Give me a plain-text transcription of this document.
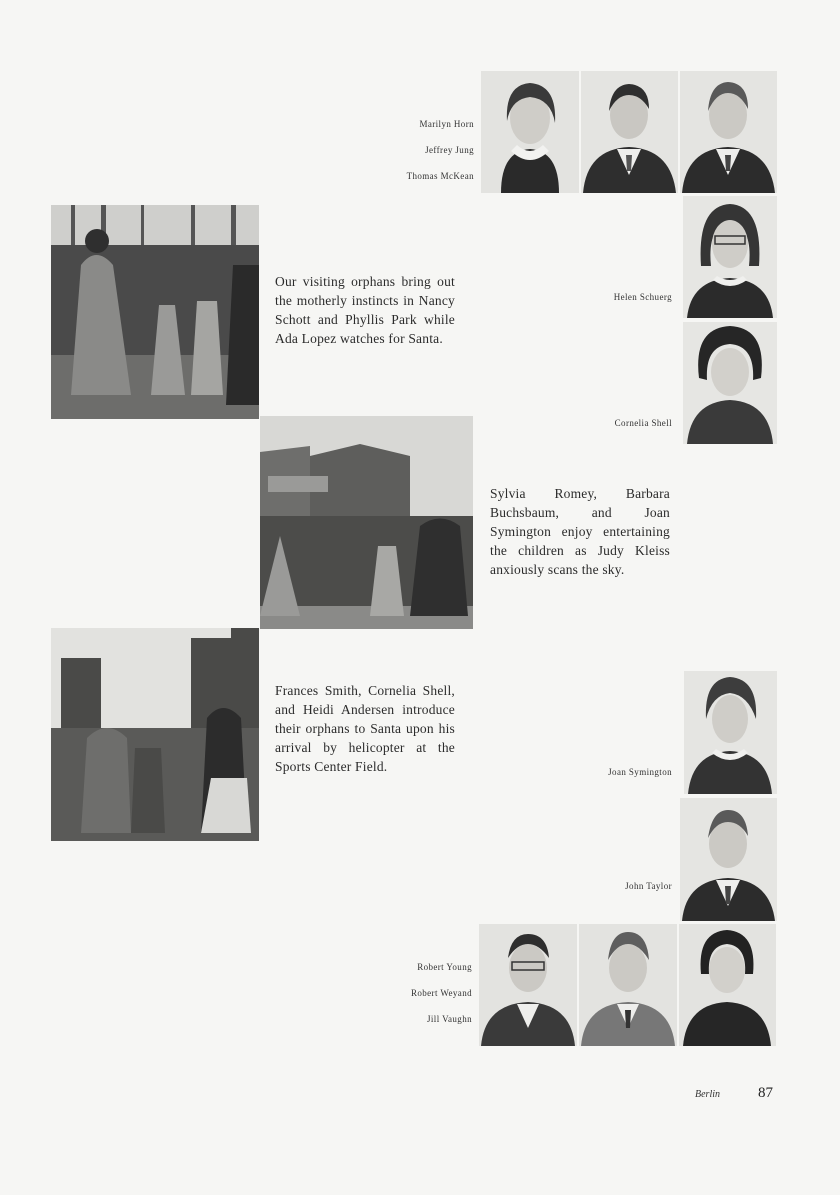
Marilyn Horn
Jeffrey Jung
Thomas McKean
Helen Schuerg
Cornelia Shell
Our visiting orphans bring out the motherly instincts in Nancy Schott and Phyllis Park while Ada Lopez watches for Santa.
Sylvia Romey, Barbara Buchsbaum, and Joan Symington enjoy entertaining the children as Judy Kleiss anxiously scans the sky.
Frances Smith, Cornelia Shell, and Heidi Andersen introduce their orphans to Santa upon his arrival by helicopter at the Sports Center Field.	Joan Symington
John Taylor
Robert Young
Robert Weyand
Jill Vaughn
Berlin	87
